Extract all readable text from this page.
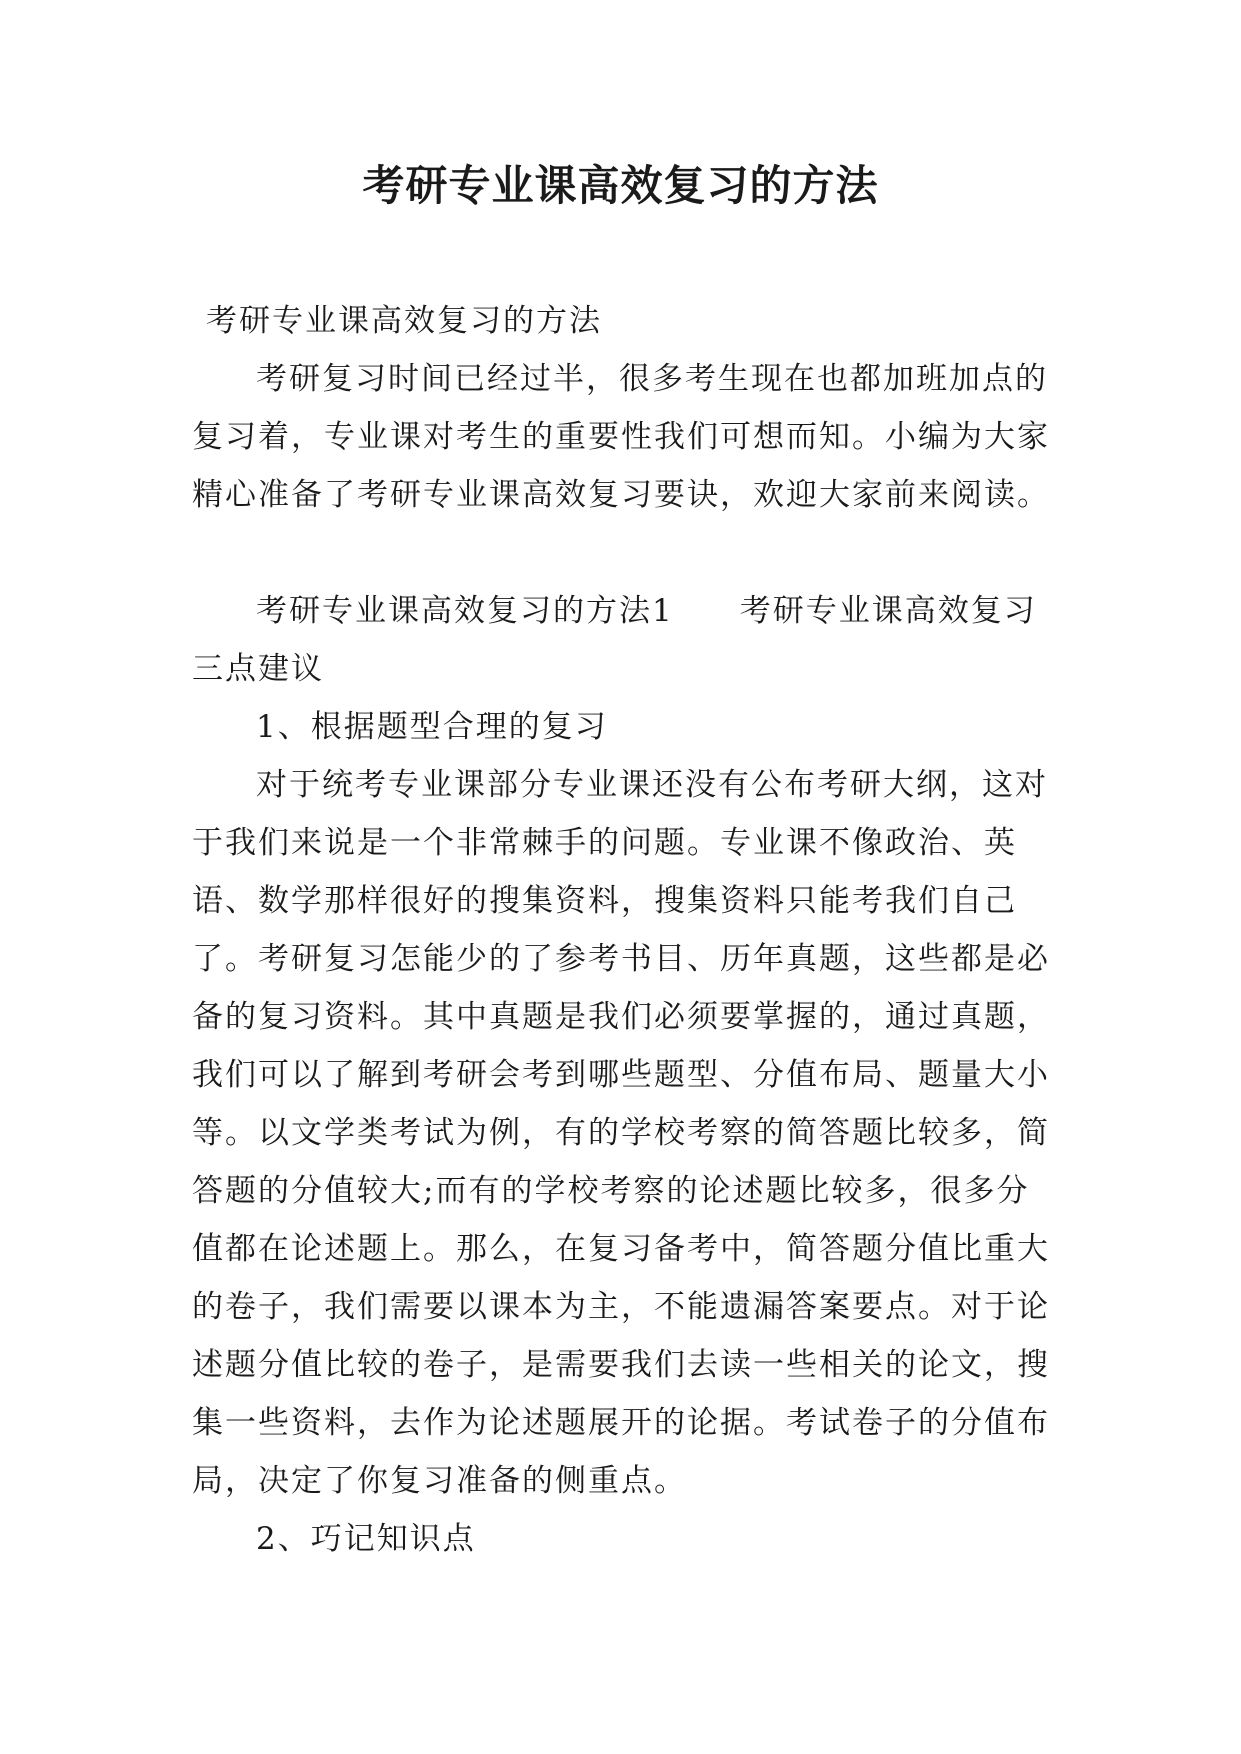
考研专业课高效复习的方法

考研专业课高效复习的方法

考研复习时间已经过半，很多考生现在也都加班加点的复习着，专业课对考生的重要性我们可想而知。小编为大家精心准备了考研专业课高效复习要诀，欢迎大家前来阅读。

考研专业课高效复习的方法1　　考研专业课高效复习三点建议

1、根据题型合理的复习

对于统考专业课部分专业课还没有公布考研大纲，这对于我们来说是一个非常棘手的问题。专业课不像政治、英语、数学那样很好的搜集资料，搜集资料只能考我们自己了。考研复习怎能少的了参考书目、历年真题，这些都是必备的复习资料。其中真题是我们必须要掌握的，通过真题，我们可以了解到考研会考到哪些题型、分值布局、题量大小等。以文学类考试为例，有的学校考察的简答题比较多，简答题的分值较大;而有的学校考察的论述题比较多，很多分值都在论述题上。那么，在复习备考中，简答题分值比重大的卷子，我们需要以课本为主，不能遗漏答案要点。对于论述题分值比较的卷子，是需要我们去读一些相关的论文，搜集一些资料，去作为论述题展开的论据。考试卷子的分值布局，决定了你复习准备的侧重点。

2、巧记知识点
